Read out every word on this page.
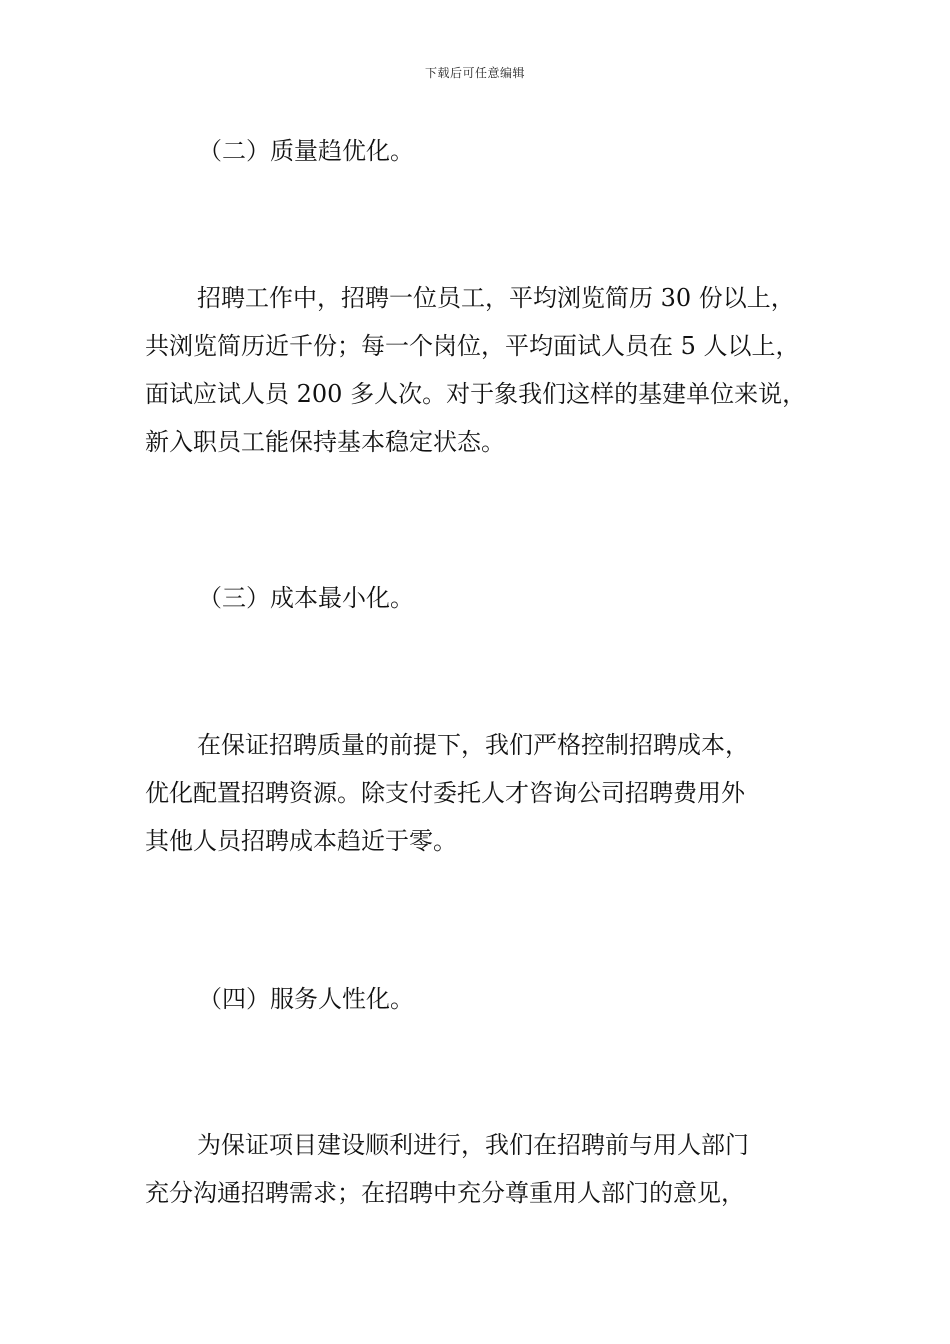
下载后可任意编辑
（二）质量趋优化。
招聘工作中，招聘一位员工，平均浏览简历 30 份以上，
共浏览简历近千份；每一个岗位，平均面试人员在 5 人以上，
面试应试人员 200 多人次。对于象我们这样的基建单位来说，
新入职员工能保持基本稳定状态。
（三）成本最小化。
在保证招聘质量的前提下，我们严格控制招聘成本，
优化配置招聘资源。除支付委托人才咨询公司招聘费用外
其他人员招聘成本趋近于零。
（四）服务人性化。
为保证项目建设顺利进行，我们在招聘前与用人部门
充分沟通招聘需求；在招聘中充分尊重用人部门的意见，
